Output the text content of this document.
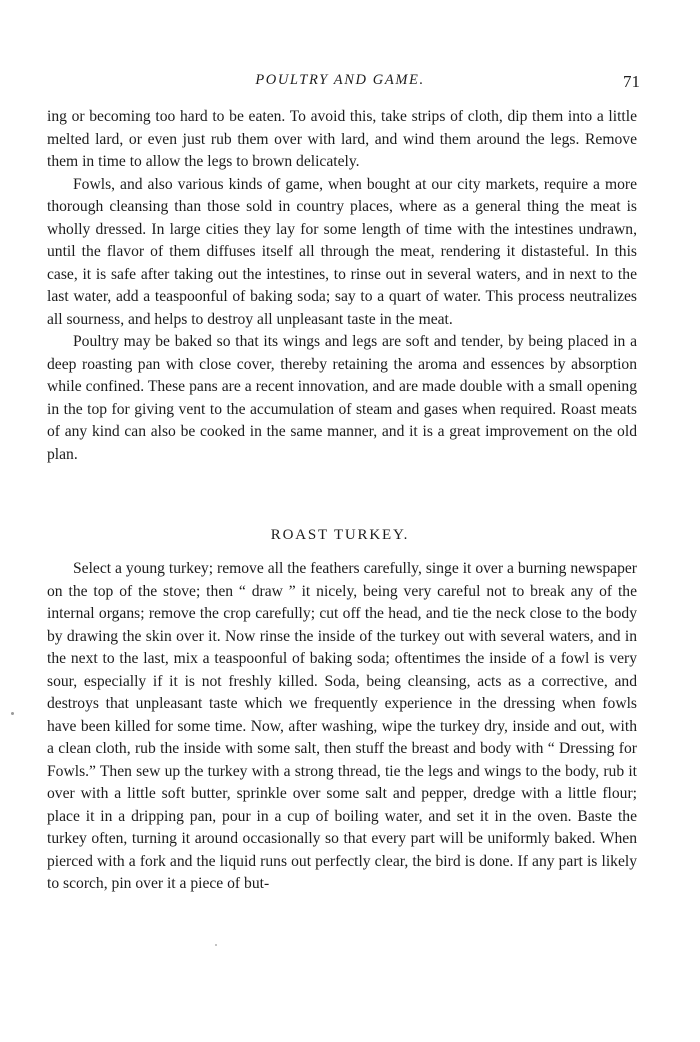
POULTRY AND GAME.	71

ing or becoming too hard to be eaten. To avoid this, take strips of cloth, dip them into a little melted lard, or even just rub them over with lard, and wind them around the legs. Remove them in time to allow the legs to brown delicately.

Fowls, and also various kinds of game, when bought at our city markets, require a more thorough cleansing than those sold in country places, where as a general thing the meat is wholly dressed. In large cities they lay for some length of time with the intestines undrawn, until the flavor of them diffuses itself all through the meat, rendering it distasteful. In this case, it is safe after taking out the intestines, to rinse out in several waters, and in next to the last water, add a teaspoonful of baking soda; say to a quart of water. This process neutralizes all sourness, and helps to destroy all unpleasant taste in the meat.

Poultry may be baked so that its wings and legs are soft and tender, by being placed in a deep roasting pan with close cover, thereby retaining the aroma and essences by absorption while confined. These pans are a recent innovation, and are made double with a small opening in the top for giving vent to the accumulation of steam and gases when required. Roast meats of any kind can also be cooked in the same manner, and it is a great improvement on the old plan.

ROAST TURKEY.

Select a young turkey; remove all the feathers carefully, singe it over a burning newspaper on the top of the stove; then “ draw ” it nicely, being very careful not to break any of the internal organs; remove the crop carefully; cut off the head, and tie the neck close to the body by drawing the skin over it. Now rinse the inside of the turkey out with several waters, and in the next to the last, mix a teaspoonful of baking soda; oftentimes the inside of a fowl is very sour, especially if it is not freshly killed. Soda, being cleansing, acts as a corrective, and destroys that unpleasant taste which we frequently experience in the dressing when fowls have been killed for some time. Now, after washing, wipe the turkey dry, inside and out, with a clean cloth, rub the inside with some salt, then stuff the breast and body with “ Dressing for Fowls.” Then sew up the turkey with a strong thread, tie the legs and wings to the body, rub it over with a little soft butter, sprinkle over some salt and pepper, dredge with a little flour; place it in a dripping pan, pour in a cup of boiling water, and set it in the oven. Baste the turkey often, turning it around occasionally so that every part will be uniformly baked. When pierced with a fork and the liquid runs out perfectly clear, the bird is done. If any part is likely to scorch, pin over it a piece of but-
